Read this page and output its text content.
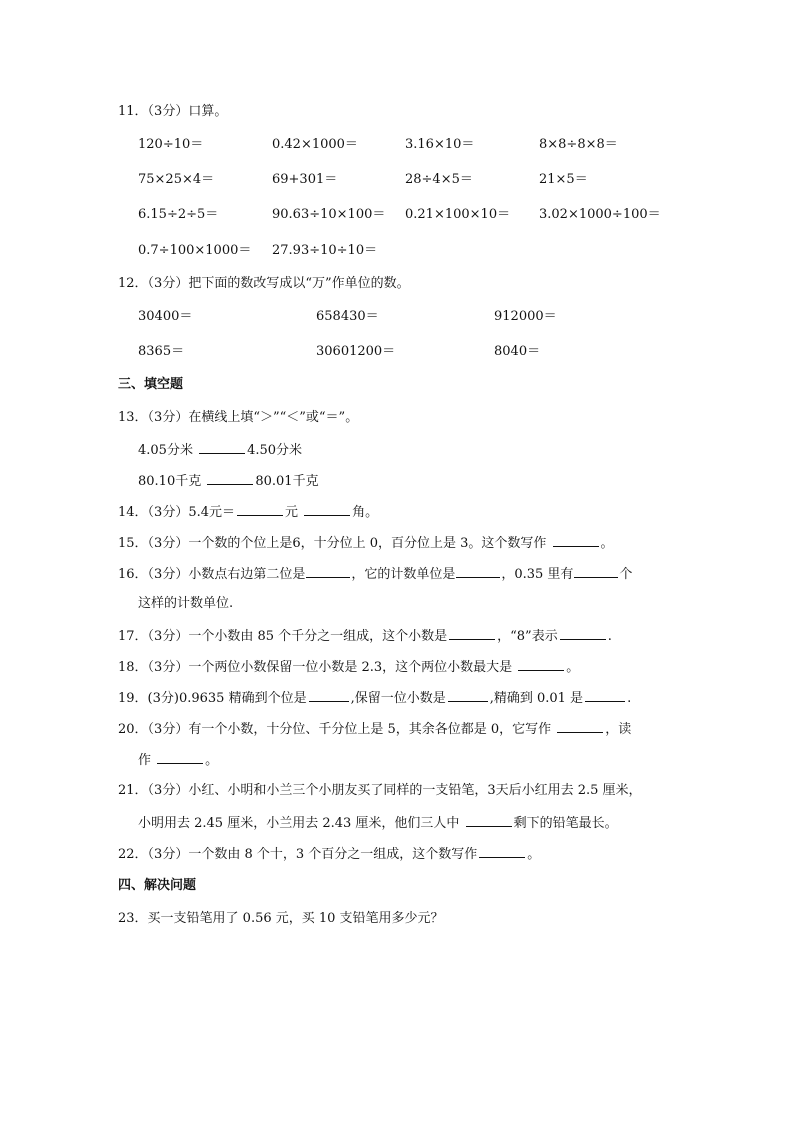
11．（3分）口算。
120÷10＝	0.42×1000＝	3.16×10＝	8×8÷8×8＝
75×25×4＝	69+301＝	28÷4×5＝	21×5＝
6.15÷2÷5＝	90.63÷10×100＝ 0.21×100×10＝ 3.02×1000÷100＝
0.7÷100×1000＝ 27.93÷10÷10＝
12．（3分）把下面的数改写成以“万”作单位的数。
30400＝	658430＝	912000＝
8365＝	30601200＝	8040＝
三、填空题
13．（3分）在横线上填“＞”“＜”或“＝”。
4.05分米	4.50分米
80.10千克	80.01千克
14．（3分）5.4元＝	元	角。
15．（3分）一个数的个位上是6，十分位上 0，百分位上是 3。这个数写作	。
16．（3分）小数点右边第二位是	，它的计数单位是	，0.35 里有	个
这样的计数单位.
17．（3分）一个小数由 85 个千分之一组成，这个小数是	，“8”表示	.
18．（3分）一个两位小数保留一位小数是 2.3，这个两位小数最大是	。
19．(3分)0.9635 精确到个位是	,保留一位小数是	,精确到 0.01 是	.
20．（3分）有一个小数，十分位、千分位上是 5，其余各位都是 0，它写作	，读
作	。
21．（3分）小红、小明和小兰三个小朋友买了同样的一支铅笔，3天后小红用去 2.5 厘米，
小明用去 2.45 厘米，小兰用去 2.43 厘米，他们三人中	剩下的铅笔最长。
22．（3分）一个数由 8 个十，3 个百分之一组成，这个数写作	。
四、解决问题
23．买一支铅笔用了 0.56 元，买 10 支铅笔用多少元？
